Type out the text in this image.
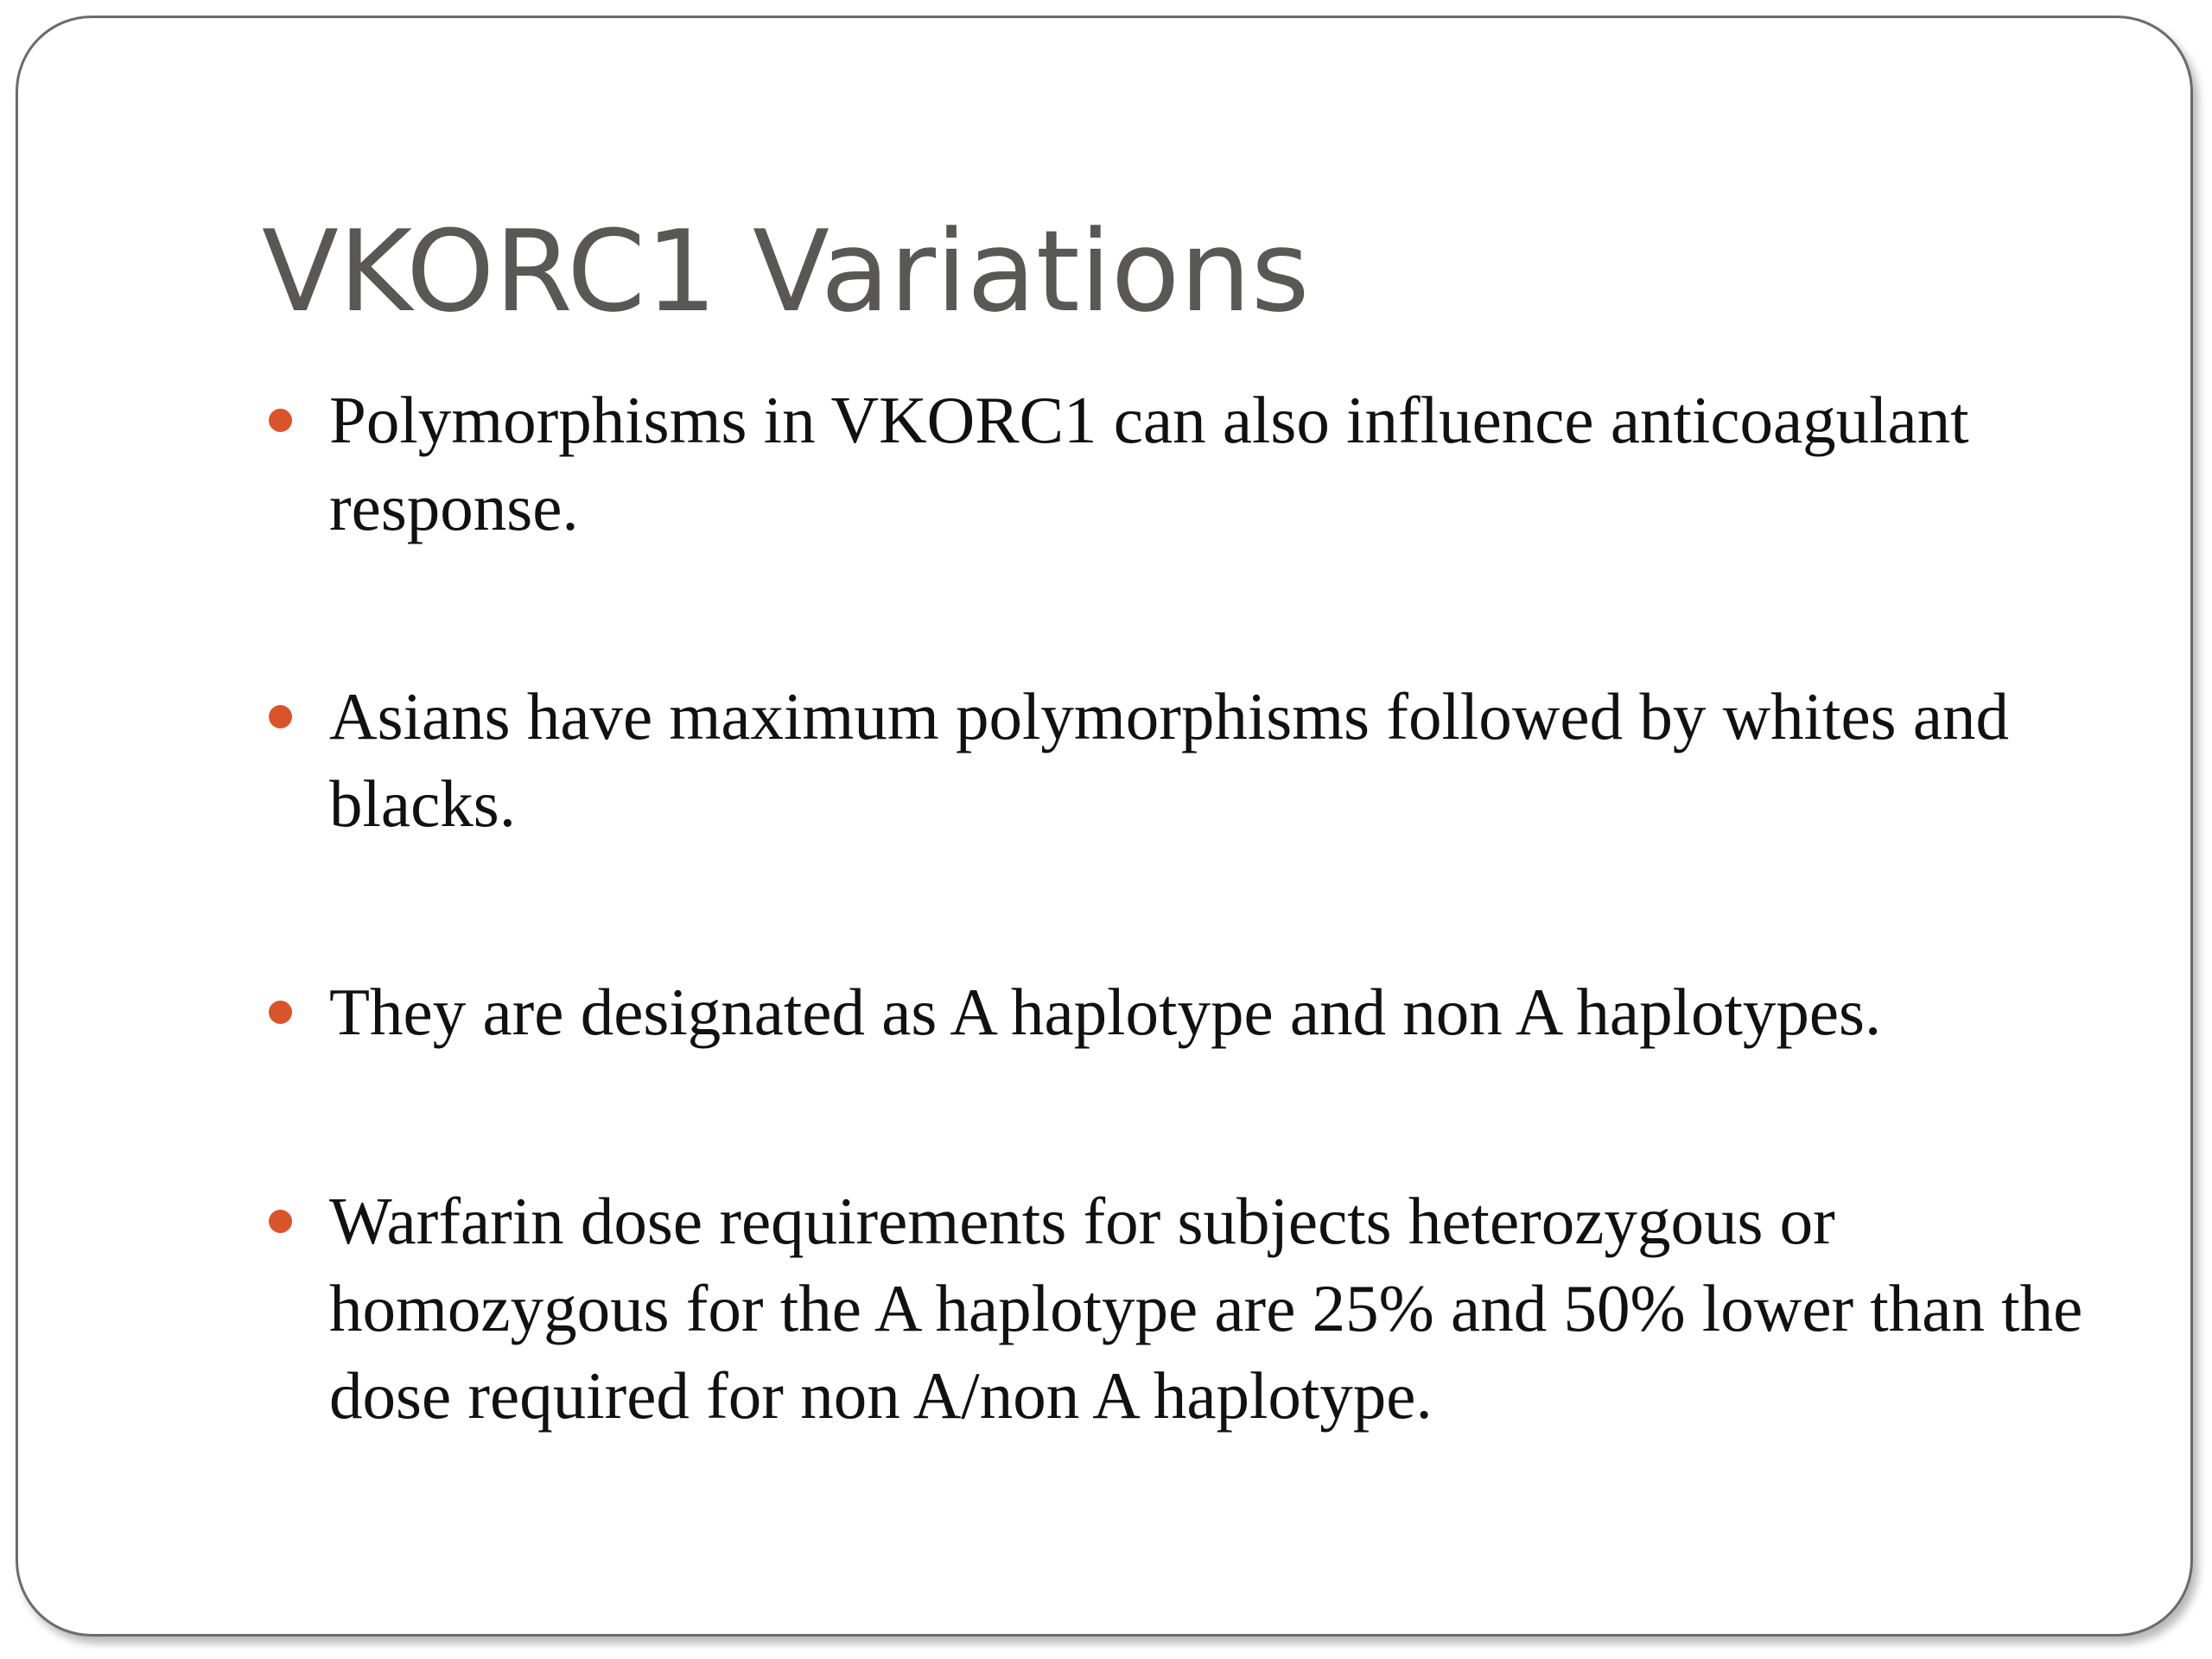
VKORC1 Variations
Polymorphisms in VKORC1 can also influence anticoagulant response.
Asians have maximum polymorphisms followed by whites and blacks.
They are designated as A haplotype and non A haplotypes.
Warfarin dose requirements for subjects heterozygous or homozygous for the A haplotype are 25% and 50% lower than the dose required for non A/non A haplotype.
